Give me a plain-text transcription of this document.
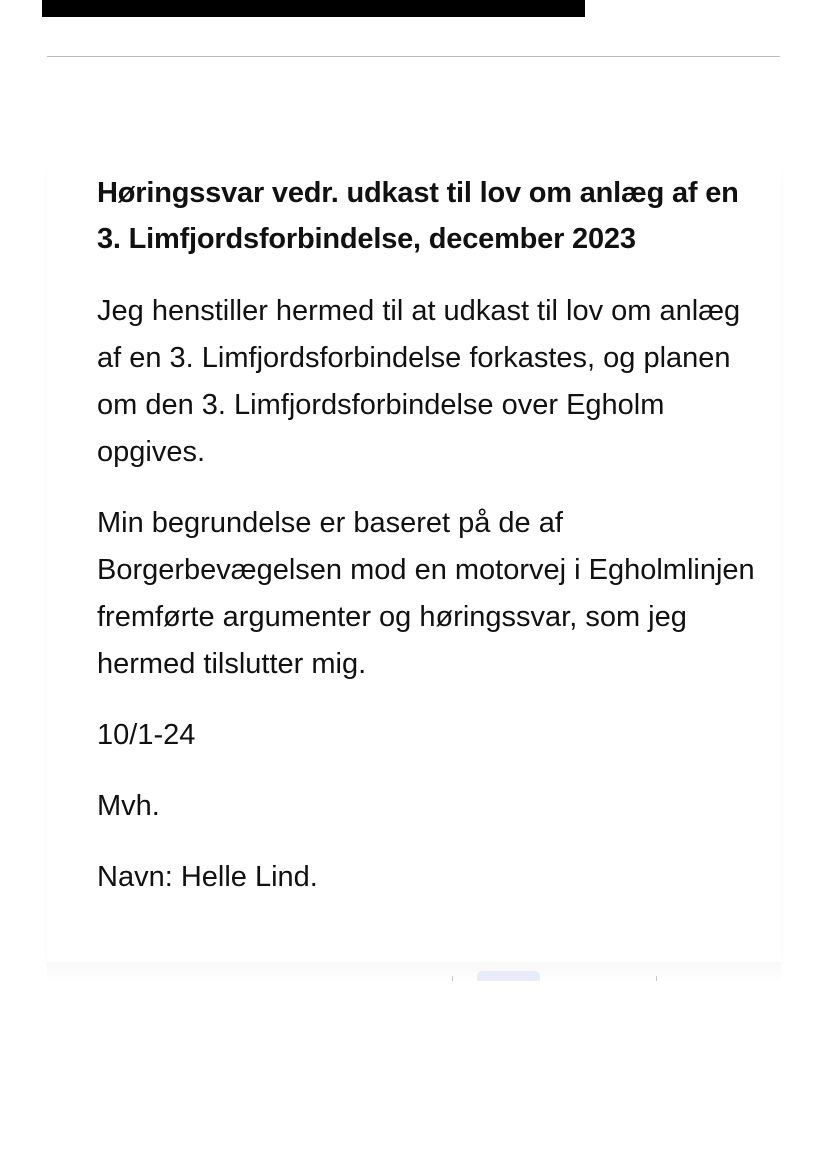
Høringssvar vedr. udkast til lov om anlæg af en 3. Limfjordsforbindelse, december 2023

Jeg henstiller hermed til at udkast til lov om anlæg af en 3. Limfjordsforbindelse forkastes, og planen om den 3. Limfjordsforbindelse over Egholm opgives.

Min begrundelse er baseret på de af Borgerbevægelsen mod en motorvej i Egholmlinjen fremførte argumenter og høringssvar, som jeg hermed tilslutter mig.

10/1-24

Mvh.

Navn: Helle Lind.
